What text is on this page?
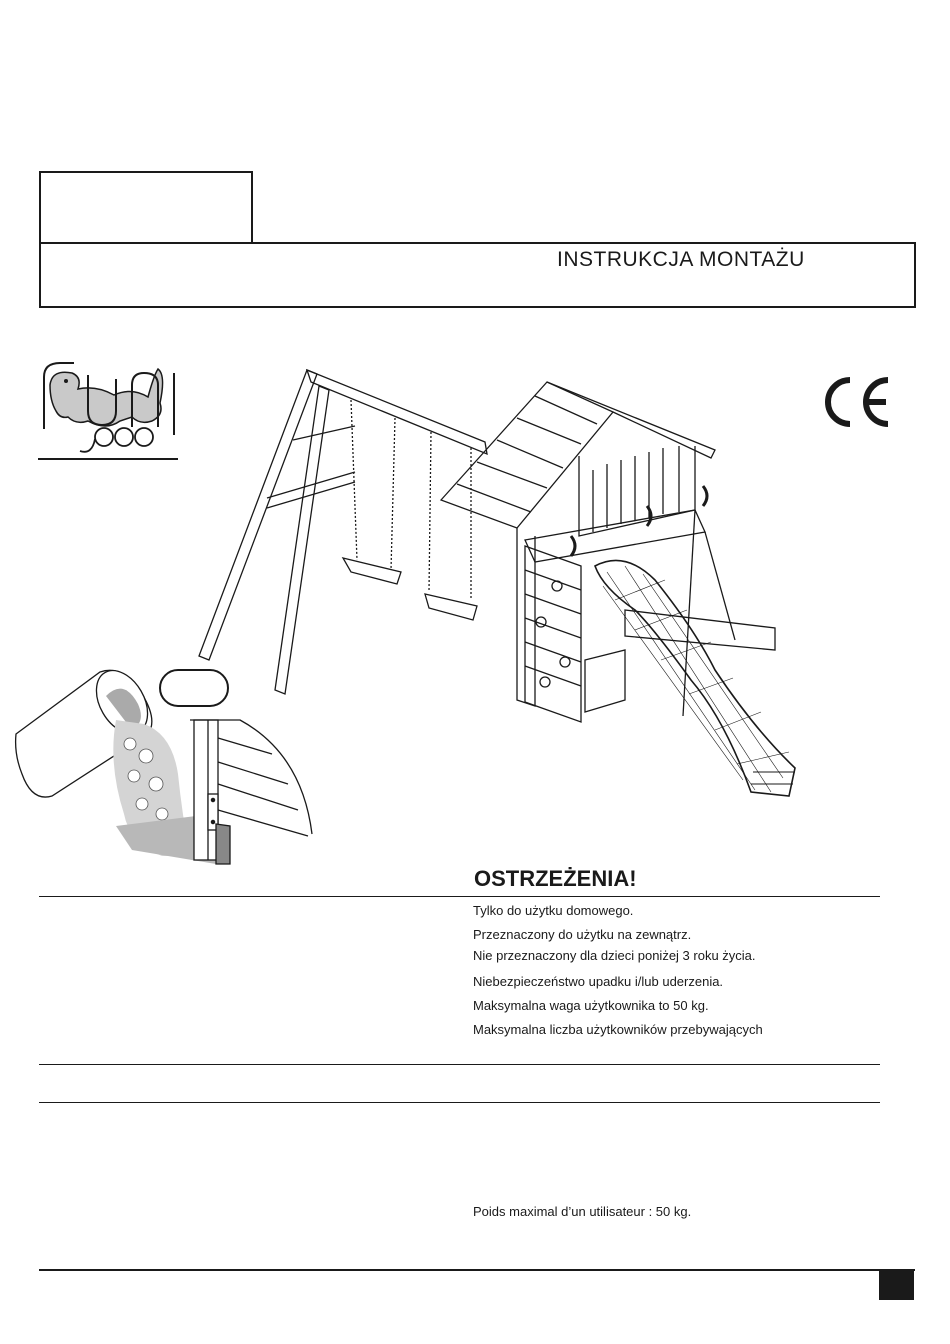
INSTRUKCJA MONTAŻU
OSTRZEŻENIA!
Tylko do użytku domowego.
Przeznaczony do użytku na zewnątrz.
Nie przeznaczony dla dzieci poniżej 3 roku życia.
Niebezpieczeństwo upadku i/lub uderzenia.
Maksymalna waga użytkownika to 50 kg.
Maksymalna liczba użytkowników przebywających
Poids maximal d’un utilisateur : 50 kg.
